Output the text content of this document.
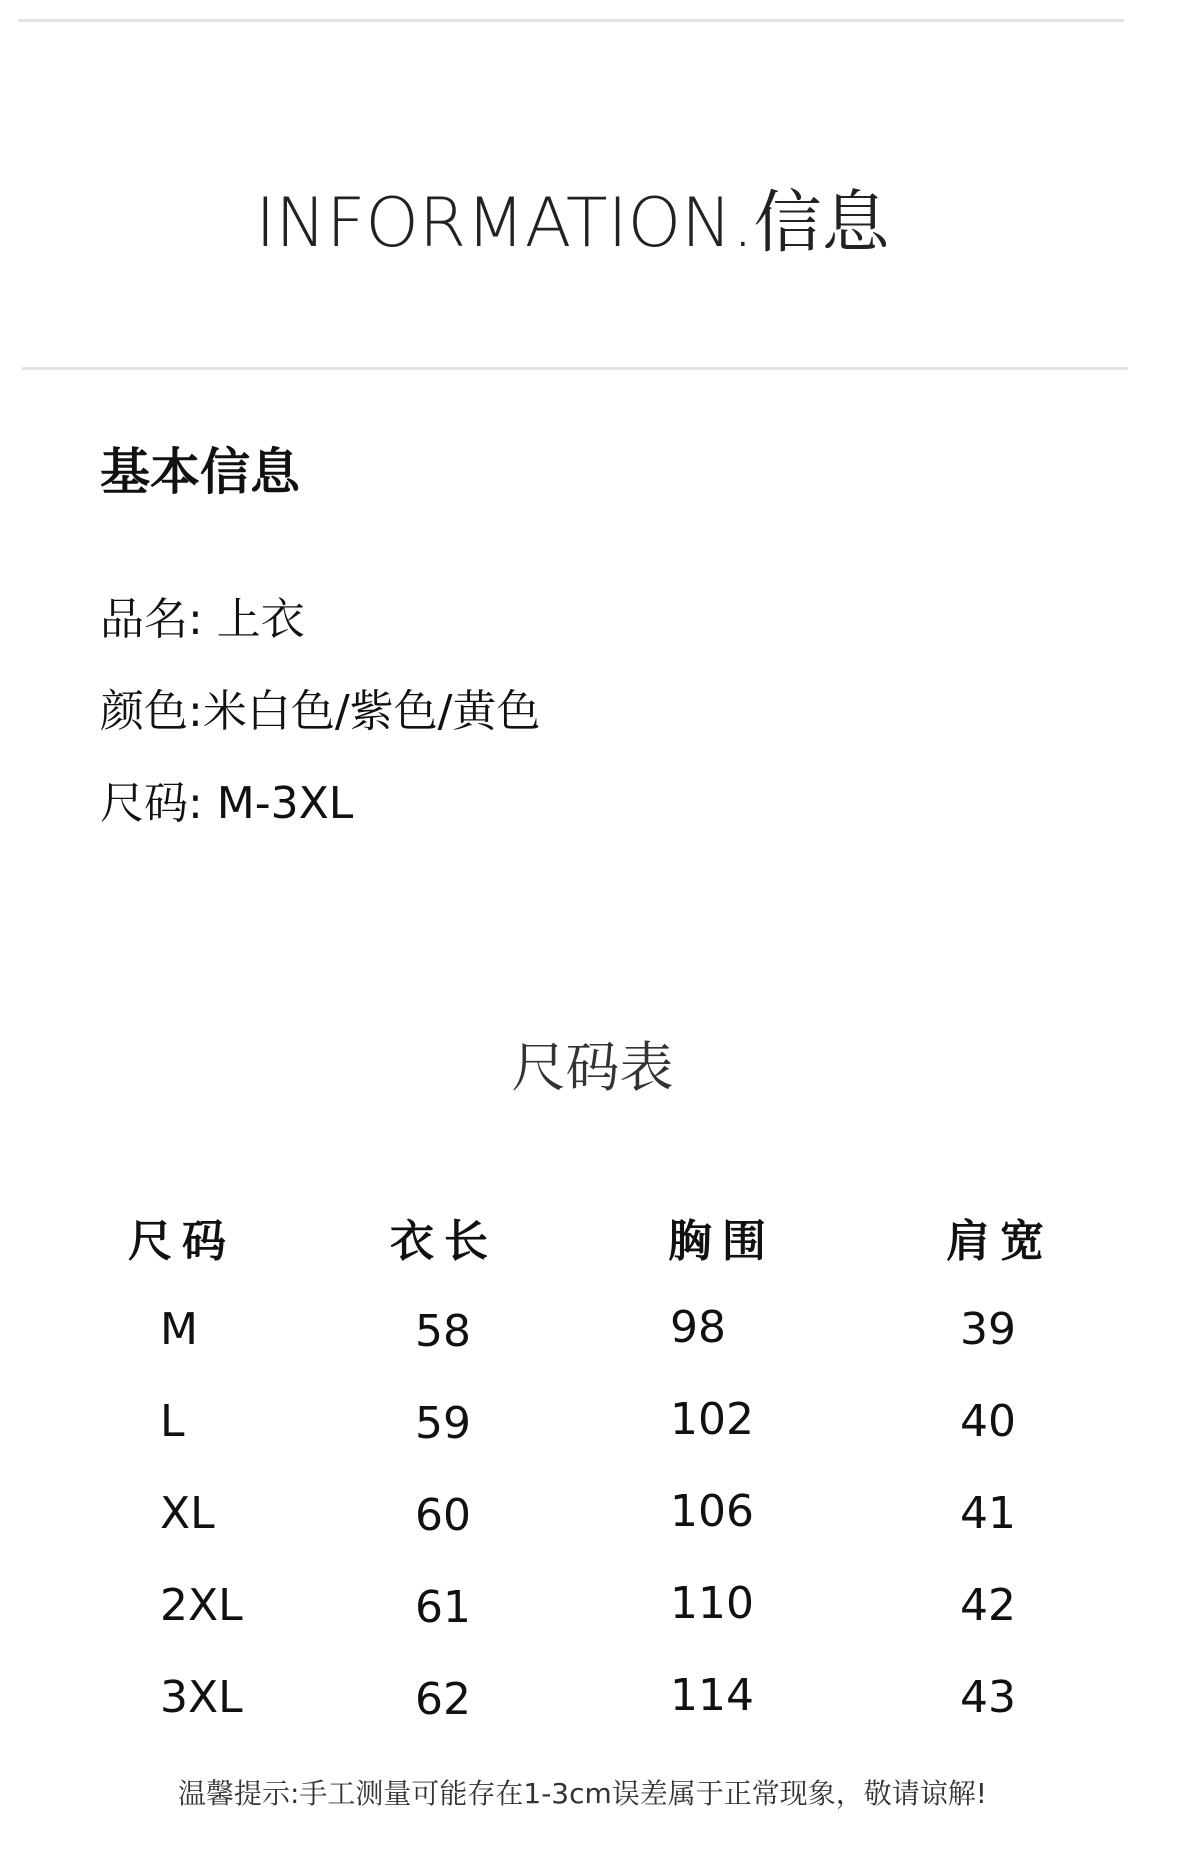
INFORMATION.信息
基本信息
品名: 上衣
颜色:米白色/紫色/黄色
尺码: M-3XL
尺码表
尺码	衣长	胸围	肩宽
M	58	98	39
L	59	102	40
XL	60	106	41
2XL	61	110	42
3XL	62	114	43
温馨提示:手工测量可能存在1-3cm误差属于正常现象，敬请谅解!
